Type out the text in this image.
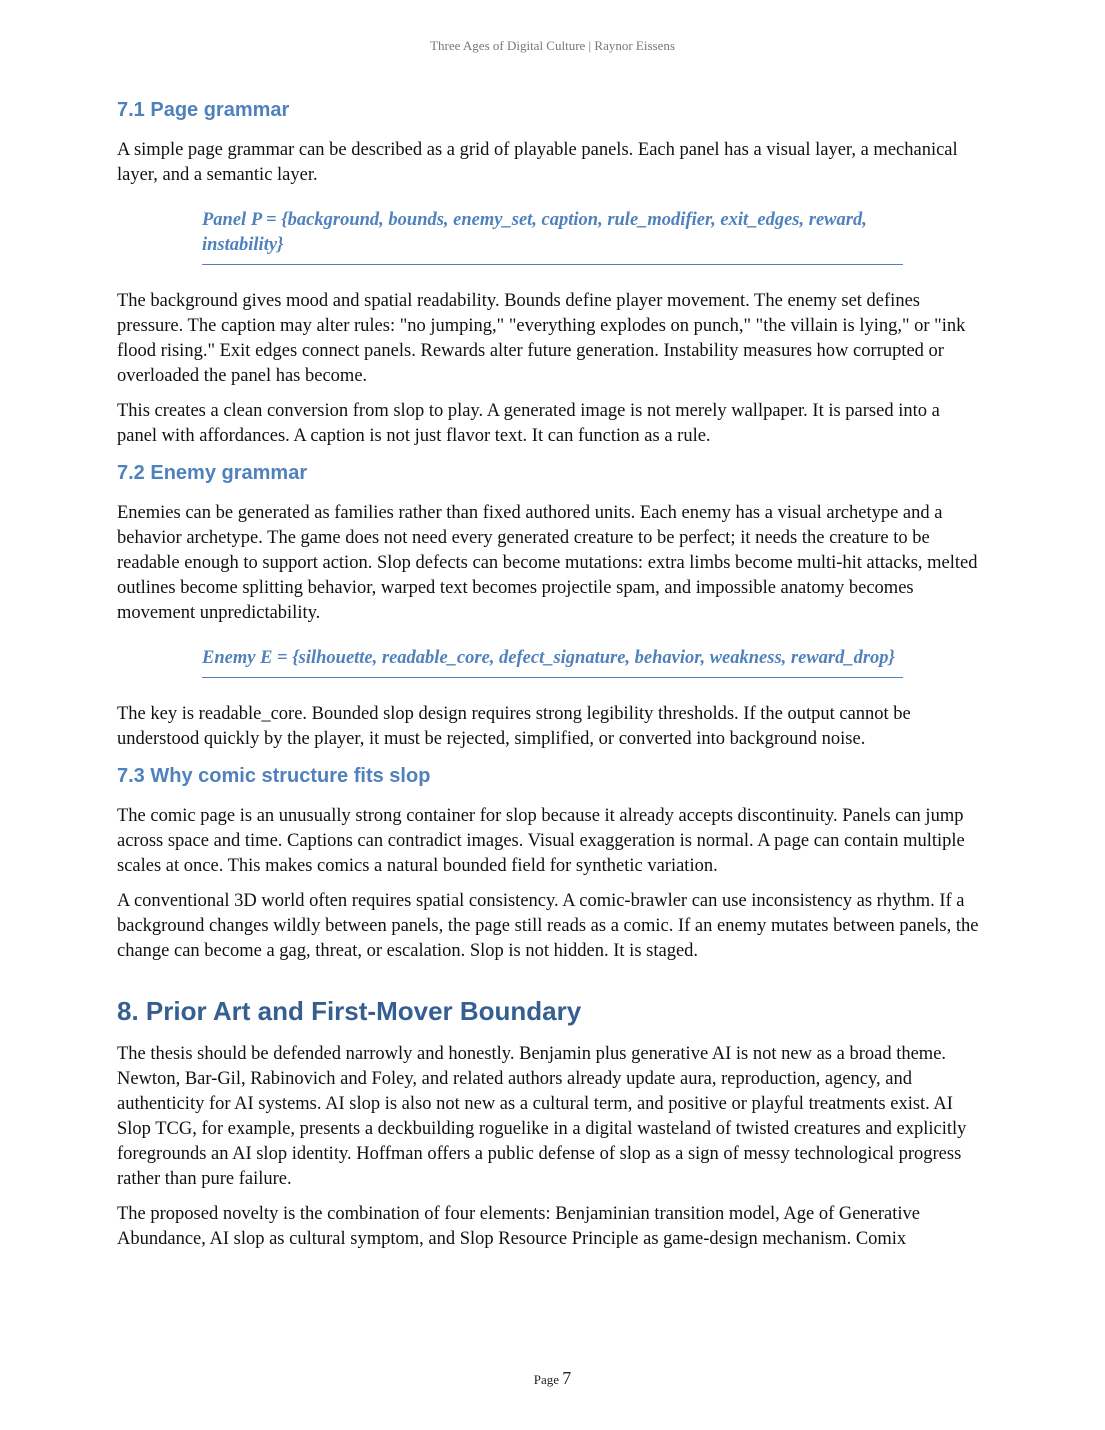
Three Ages of Digital Culture | Raynor Eissens
7.1 Page grammar

A simple page grammar can be described as a grid of playable panels. Each panel has a visual layer, a mechanical layer, and a semantic layer.

Panel P = {background, bounds, enemy_set, caption, rule_modifier, exit_edges, reward, instability}

The background gives mood and spatial readability. Bounds define player movement. The enemy set defines pressure. The caption may alter rules: "no jumping," "everything explodes on punch," "the villain is lying," or "ink flood rising." Exit edges connect panels. Rewards alter future generation. Instability measures how corrupted or overloaded the panel has become.

This creates a clean conversion from slop to play. A generated image is not merely wallpaper. It is parsed into a panel with affordances. A caption is not just flavor text. It can function as a rule.

7.2 Enemy grammar

Enemies can be generated as families rather than fixed authored units. Each enemy has a visual archetype and a behavior archetype. The game does not need every generated creature to be perfect; it needs the creature to be readable enough to support action. Slop defects can become mutations: extra limbs become multi-hit attacks, melted outlines become splitting behavior, warped text becomes projectile spam, and impossible anatomy becomes movement unpredictability.

Enemy E = {silhouette, readable_core, defect_signature, behavior, weakness, reward_drop}

The key is readable_core. Bounded slop design requires strong legibility thresholds. If the output cannot be understood quickly by the player, it must be rejected, simplified, or converted into background noise.

7.3 Why comic structure fits slop

The comic page is an unusually strong container for slop because it already accepts discontinuity. Panels can jump across space and time. Captions can contradict images. Visual exaggeration is normal. A page can contain multiple scales at once. This makes comics a natural bounded field for synthetic variation.

A conventional 3D world often requires spatial consistency. A comic-brawler can use inconsistency as rhythm. If a background changes wildly between panels, the page still reads as a comic. If an enemy mutates between panels, the change can become a gag, threat, or escalation. Slop is not hidden. It is staged.

8. Prior Art and First-Mover Boundary

The thesis should be defended narrowly and honestly. Benjamin plus generative AI is not new as a broad theme. Newton, Bar-Gil, Rabinovich and Foley, and related authors already update aura, reproduction, agency, and authenticity for AI systems. AI slop is also not new as a cultural term, and positive or playful treatments exist. AI Slop TCG, for example, presents a deckbuilding roguelike in a digital wasteland of twisted creatures and explicitly foregrounds an AI slop identity. Hoffman offers a public defense of slop as a sign of messy technological progress rather than pure failure.

The proposed novelty is the combination of four elements: Benjaminian transition model, Age of Generative Abundance, AI slop as cultural symptom, and Slop Resource Principle as game-design mechanism. Comix

Page 7
